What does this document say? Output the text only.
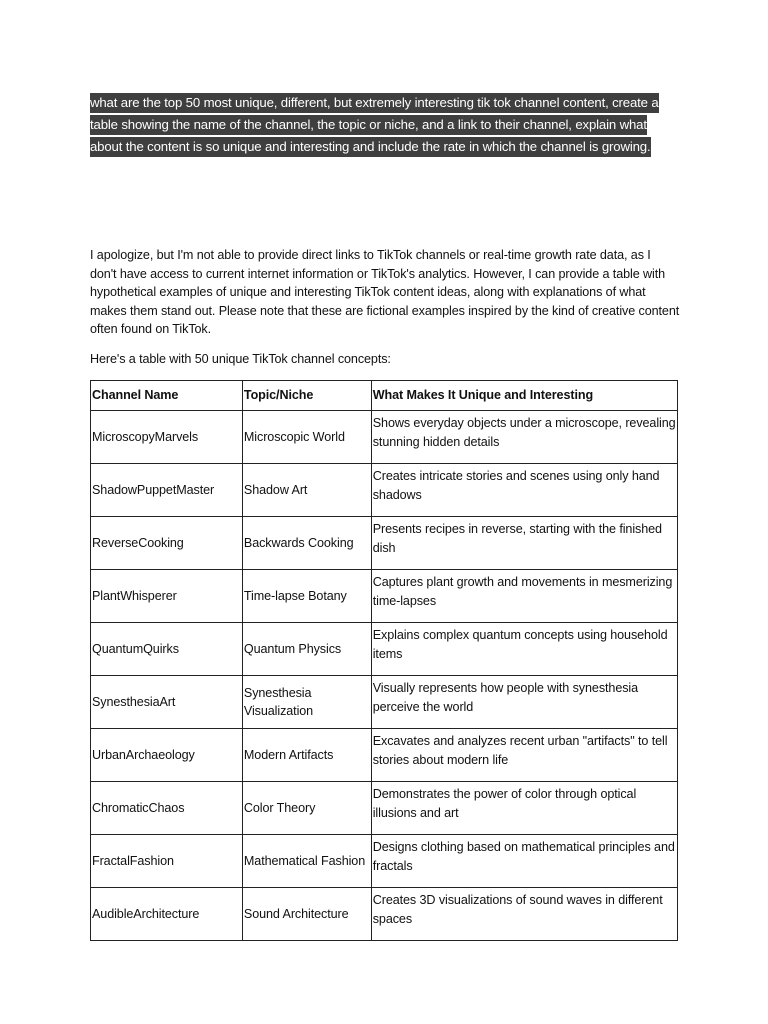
what are the top 50 most unique, different, but extremely interesting tik tok channel content, create a table showing the name of the channel, the topic or niche, and a link to their channel, explain what about the content is so unique and interesting and include the rate in which the channel is growing.

I apologize, but I'm not able to provide direct links to TikTok channels or real-time growth rate data, as I don't have access to current internet information or TikTok's analytics. However, I can provide a table with hypothetical examples of unique and interesting TikTok content ideas, along with explanations of what makes them stand out. Please note that these are fictional examples inspired by the kind of creative content often found on TikTok.

Here's a table with 50 unique TikTok channel concepts:

Channel Name	Topic/Niche	What Makes It Unique and Interesting
MicroscopyMarvels	Microscopic World	Shows everyday objects under a microscope, revealing stunning hidden details
ShadowPuppetMaster	Shadow Art	Creates intricate stories and scenes using only hand shadows
ReverseCooking	Backwards Cooking	Presents recipes in reverse, starting with the finished dish
PlantWhisperer	Time-lapse Botany	Captures plant growth and movements in mesmerizing time-lapses
QuantumQuirks	Quantum Physics	Explains complex quantum concepts using household items
SynesthesiaArt	Synesthesia Visualization	Visually represents how people with synesthesia perceive the world
UrbanArchaeology	Modern Artifacts	Excavates and analyzes recent urban "artifacts" to tell stories about modern life
ChromaticChaos	Color Theory	Demonstrates the power of color through optical illusions and art
FractalFashion	Mathematical Fashion	Designs clothing based on mathematical principles and fractals
AudibleArchitecture	Sound Architecture	Creates 3D visualizations of sound waves in different spaces
